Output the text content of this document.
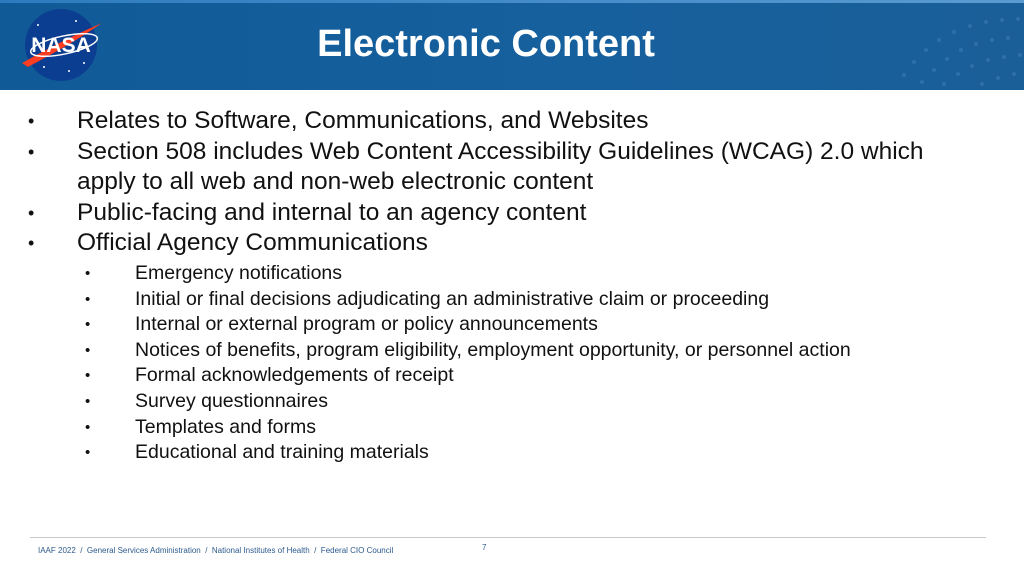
NASA	Electronic Content
• Relates to Software, Communications, and Websites
• Section 508 includes Web Content Accessibility Guidelines (WCAG) 2.0 which apply to all web and non-web electronic content
• Public-facing and internal to an agency content
• Official Agency Communications
• Emergency notifications
• Initial or final decisions adjudicating an administrative claim or proceeding
• Internal or external program or policy announcements
• Notices of benefits, program eligibility, employment opportunity, or personnel action
• Formal acknowledgements of receipt
• Survey questionnaires
• Templates and forms
• Educational and training materials
IAAF 2022  /  General Services Administration  /  National Institutes of Health  /  Federal CIO Council	7
